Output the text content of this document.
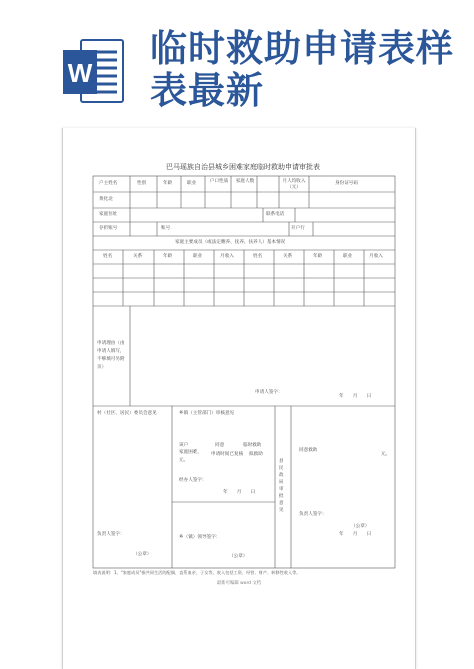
W
临时救助申请表样
表最新
巴马瑶族自治县城乡困难家庭临时救助申请审批表
户主姓名	性别	年龄	职业	户口性质 家庭人数	月人均收入（元）
身份证号码
黄化北
家庭住址	联系电话
存折账号	账号	开户行
家庭主要成员（或法定赡养、抚养、扶养人）基本情况
姓名	关系	年龄	职业	月收入	姓名	关系	年龄	职业	月收入
申请理由（由申请人填写，不够填可另附页）
申请人签字：
年　　月　　日
村（社区、居民）委员会意见
负责人签字：
（公章）
乡镇（主管部门）审核意见
该户
家庭困难，
元。
同意	临时救助
申请时间已复核 拟救助
经办人签字：
年　　月　　日
乡（镇）领导签字：
（公章）
县民政局审批意见
同意救助
元。
负责人签字：
（公章）
年　　月　　日
填表说明：1、"家庭成员"指共同生活的配偶、直系血亲、子女等，收入包括工资、经营、财产、转移性收入等。
最新可编辑 word 文档
